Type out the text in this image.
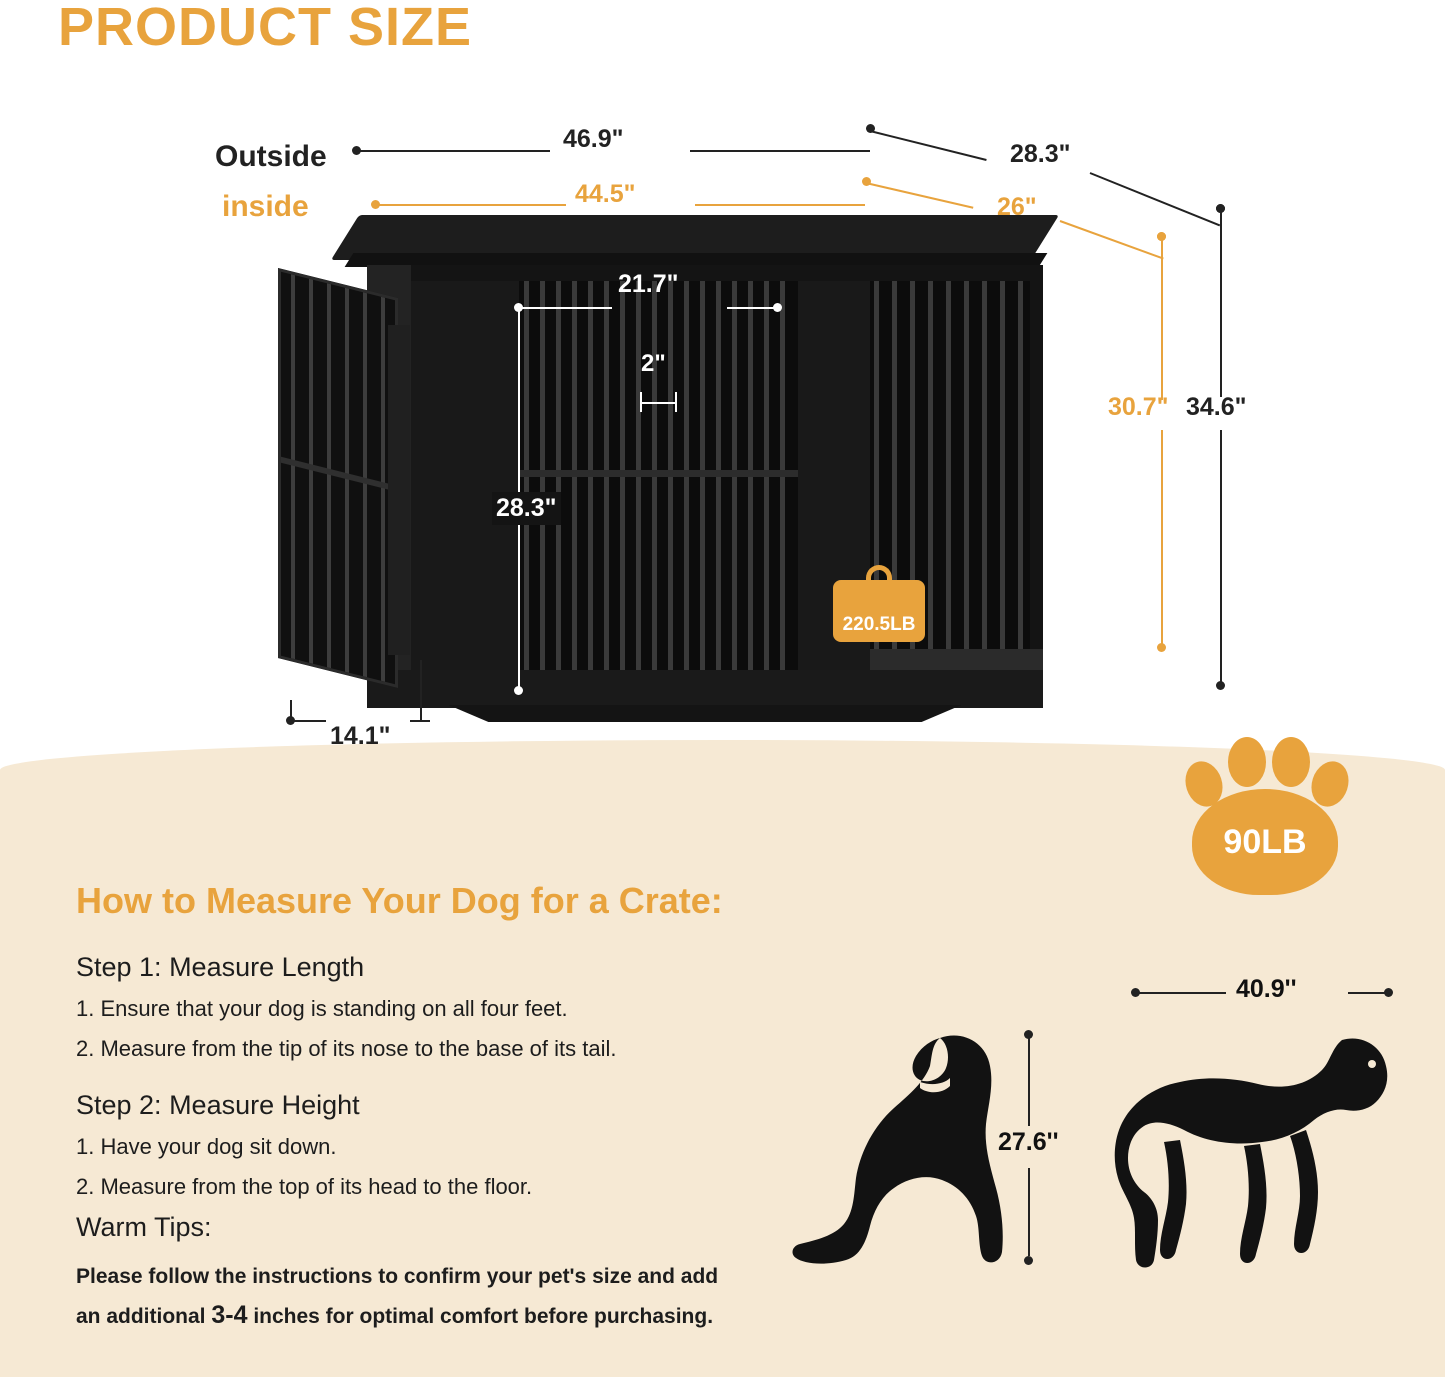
PRODUCT SIZE
Outside
inside
46.9"
28.3"
44.5"	26"
21.7"
2"
28.3"
30.7" 34.6"
14.1"
220.5LB
90LB
How to Measure Your Dog for a Crate:
Step 1: Measure Length
1. Ensure that your dog is standing on all four feet.
2. Measure from the tip of its nose to the base of its tail.
Step 2: Measure Height
1. Have your dog sit down.
2. Measure from the top of its head to the floor.
Warm Tips:
Please follow the instructions to confirm your pet's size and add
an additional 3-4 inches for optimal comfort before purchasing.
40.9''
27.6''
